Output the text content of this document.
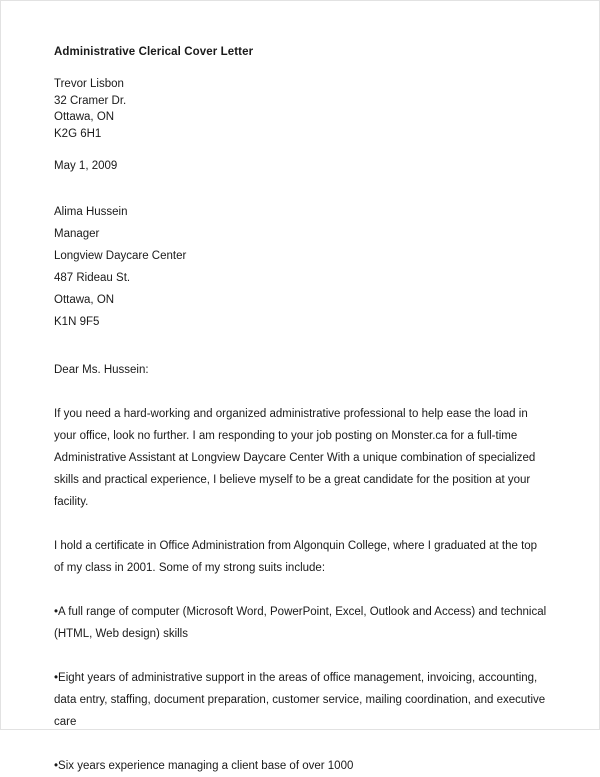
Administrative Clerical Cover Letter
Trevor Lisbon
32 Cramer Dr.
Ottawa, ON
K2G 6H1
May 1, 2009
Alima Hussein
Manager
Longview Daycare Center
487 Rideau St.
Ottawa, ON
K1N 9F5
Dear Ms. Hussein:
If you need a hard-working and organized administrative professional to help ease the load in your office, look no further. I am responding to your job posting on Monster.ca for a full-time Administrative Assistant at Longview Daycare Center With a unique combination of specialized skills and practical experience, I believe myself to be a great candidate for the position at your facility.
I hold a certificate in Office Administration from Algonquin College, where I graduated at the top of my class in 2001. Some of my strong suits include:
•A full range of computer (Microsoft Word, PowerPoint, Excel, Outlook and Access) and technical (HTML, Web design) skills
•Eight years of administrative support in the areas of office management, invoicing, accounting, data entry, staffing, document preparation, customer service, mailing coordination, and executive care
•Six years experience managing a client base of over 1000
